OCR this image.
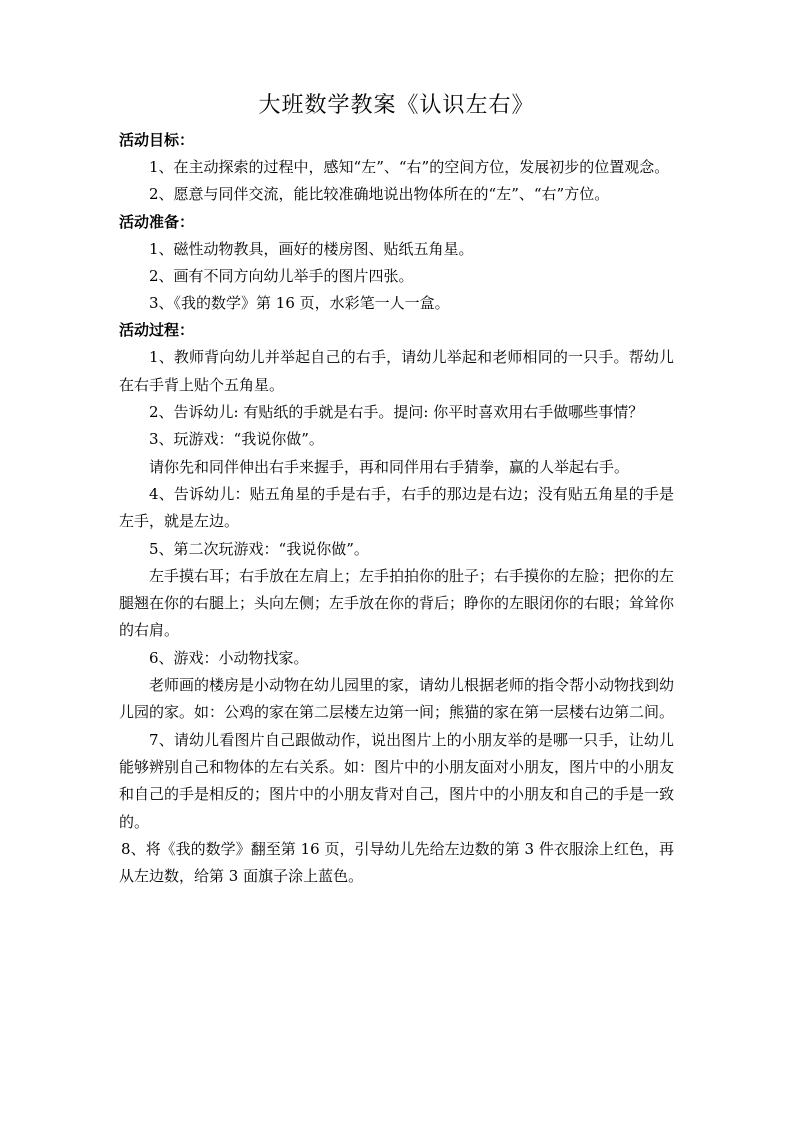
大班数学教案《认识左右》

活动目标：

1、在主动探索的过程中，感知“左”、“右”的空间方位，发展初步的位置观念。

2、愿意与同伴交流，能比较准确地说出物体所在的“左”、“右”方位。

活动准备：

1、磁性动物教具，画好的楼房图、贴纸五角星。

2、画有不同方向幼儿举手的图片四张。

3、《我的数学》第 16 页，水彩笔一人一盒。

活动过程：

1、教师背向幼儿并举起自己的右手，请幼儿举起和老师相同的一只手。帮幼儿在右手背上贴个五角星。

2、告诉幼儿: 有贴纸的手就是右手。提问: 你平时喜欢用右手做哪些事情？

3、玩游戏：“我说你做”。

请你先和同伴伸出右手来握手，再和同伴用右手猜拳，赢的人举起右手。

4、告诉幼儿：贴五角星的手是右手，右手的那边是右边；没有贴五角星的手是左手，就是左边。

5、第二次玩游戏：“我说你做”。

左手摸右耳；右手放在左肩上；左手拍拍你的肚子；右手摸你的左脸；把你的左腿翘在你的右腿上；头向左侧；左手放在你的背后；睁你的左眼闭你的右眼；耸耸你的右肩。

6、游戏：小动物找家。

老师画的楼房是小动物在幼儿园里的家，请幼儿根据老师的指令帮小动物找到幼儿园的家。如：公鸡的家在第二层楼左边第一间；熊猫的家在第一层楼右边第二间。

7、请幼儿看图片自己跟做动作，说出图片上的小朋友举的是哪一只手，让幼儿能够辨别自己和物体的左右关系。如：图片中的小朋友面对小朋友，图片中的小朋友和自己的手是相反的；图片中的小朋友背对自己，图片中的小朋友和自己的手是一致的。

8、将《我的数学》翻至第 16 页，引导幼儿先给左边数的第 3 件衣服涂上红色，再从左边数，给第 3 面旗子涂上蓝色。
